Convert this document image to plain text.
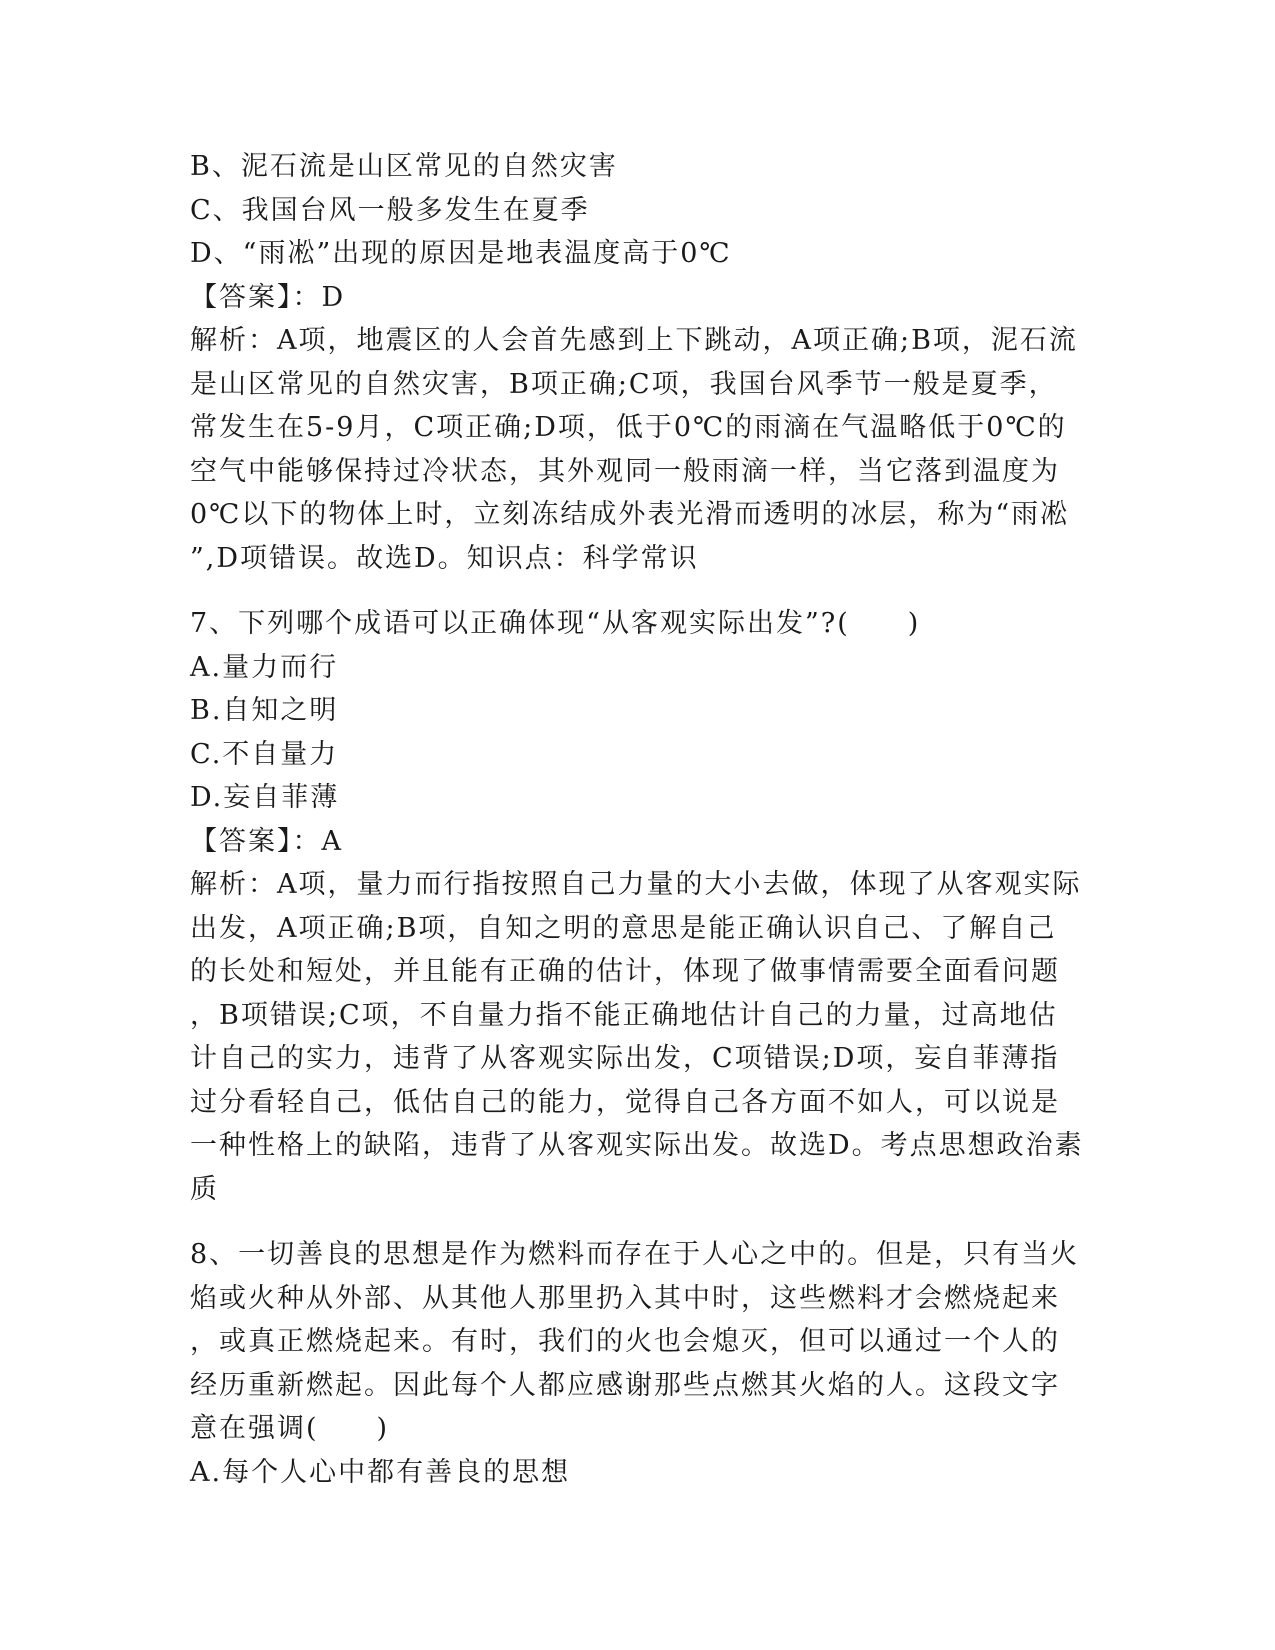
B、泥石流是山区常见的自然灾害
C、我国台风一般多发生在夏季
D、“雨凇”出现的原因是地表温度高于0℃
【答案】：D
解析：A项，地震区的人会首先感到上下跳动，A项正确;B项，泥石流
是山区常见的自然灾害，B项正确;C项，我国台风季节一般是夏季，
常发生在5-9月，C项正确;D项，低于0℃的雨滴在气温略低于0℃的
空气中能够保持过冷状态，其外观同一般雨滴一样，当它落到温度为
0℃以下的物体上时，立刻冻结成外表光滑而透明的冰层，称为“雨凇
”,D项错误。故选D。知识点：科学常识
7、下列哪个成语可以正确体现“从客观实际出发”?(　　)
A.量力而行
B.自知之明
C.不自量力
D.妄自菲薄
【答案】：A
解析：A项，量力而行指按照自己力量的大小去做，体现了从客观实际
出发，A项正确;B项，自知之明的意思是能正确认识自己、了解自己
的长处和短处，并且能有正确的估计，体现了做事情需要全面看问题
，B项错误;C项，不自量力指不能正确地估计自己的力量，过高地估
计自己的实力，违背了从客观实际出发，C项错误;D项，妄自菲薄指
过分看轻自己，低估自己的能力，觉得自己各方面不如人，可以说是
一种性格上的缺陷，违背了从客观实际出发。故选D。考点思想政治素
质
8、一切善良的思想是作为燃料而存在于人心之中的。但是，只有当火
焰或火种从外部、从其他人那里扔入其中时，这些燃料才会燃烧起来
，或真正燃烧起来。有时，我们的火也会熄灭，但可以通过一个人的
经历重新燃起。因此每个人都应感谢那些点燃其火焰的人。这段文字
意在强调(　　)
A.每个人心中都有善良的思想
